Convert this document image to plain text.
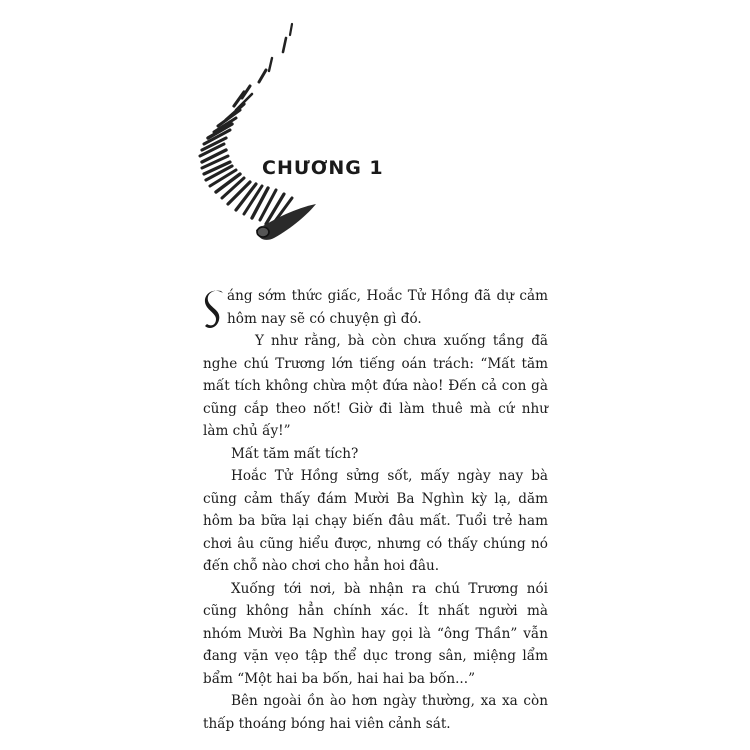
CHƯƠNG 1

áng sớm thức giấc, Hoắc Tử Hồng đã dự cảm hôm nay sẽ có chuyện gì đó.

Y như rằng, bà còn chưa xuống tầng đã nghe chú Trương lớn tiếng oán trách: “Mất tăm mất tích không chừa một đứa nào! Đến cả con gà cũng cắp theo nốt! Giờ đi làm thuê mà cứ như làm chủ ấy!”

Mất tăm mất tích?

Hoắc Tử Hồng sửng sốt, mấy ngày nay bà cũng cảm thấy đám Mười Ba Nghìn kỳ lạ, dăm hôm ba bữa lại chạy biến đâu mất. Tuổi trẻ ham chơi âu cũng hiểu được, nhưng có thấy chúng nó đến chỗ nào chơi cho hẳn hoi đâu.

Xuống tới nơi, bà nhận ra chú Trương nói cũng không hẳn chính xác. Ít nhất người mà nhóm Mười Ba Nghìn hay gọi là “ông Thần” vẫn đang vặn vẹo tập thể dục trong sân, miệng lẩm bẩm “Một hai ba bốn, hai hai ba bốn...”

Bên ngoài ồn ào hơn ngày thường, xa xa còn thấp thoáng bóng hai viên cảnh sát.
